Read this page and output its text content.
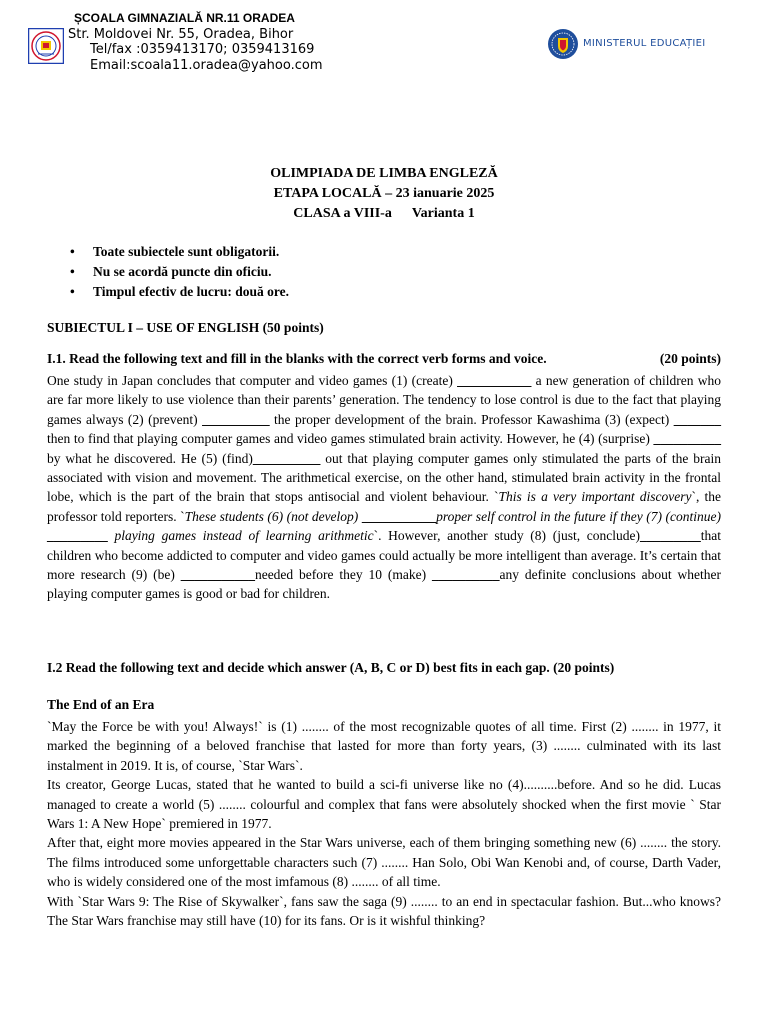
ȘCOALA GIMNAZIALĂ NR.11 ORADEA
Str. Moldovei Nr. 55, Oradea, Bihor
Tel/fax :0359413170; 0359413169
Email:scoala11.oradea@yahoo.com
MINISTERUL EDUCAȚIEI
OLIMPIADA DE LIMBA ENGLEZĂ
ETAPA LOCALĂ – 23 ianuarie 2025
CLASA a VIII-a Varianta 1
• Toate subiectele sunt obligatorii.
• Nu se acordă puncte din oficiu.
• Timpul efectiv de lucru: două ore.
SUBIECTUL I – USE OF ENGLISH (50 points)
I.1. Read the following text and fill in the blanks with the correct verb forms and voice.	(20 points)
One study in Japan concludes that computer and video games (1) (create) ___________ a new generation of children who are far more likely to use violence than their parents’ generation. The tendency to lose control is due to the fact that playing games always (2) (prevent) __________ the proper development of the brain. Professor Kawashima (3) (expect) _______ then to find that playing computer games and video games stimulated brain activity. However, he (4) (surprise) __________ by what he discovered. He (5) (find)__________ out that playing computer games only stimulated the parts of the brain associated with vision and movement. The arithmetical exercise, on the other hand, stimulated brain activity in the frontal lobe, which is the part of the brain that stops antisocial and violent behaviour. `This is a very important discovery`, the professor told reporters. `These students (6) (not develop) ___________proper self control in the future if they (7) (continue) _________ playing games instead of learning arithmetic`. However, another study (8) (just, conclude)_________that children who become addicted to computer and video games could actually be more intelligent than average. It’s certain that more research (9) (be) ___________needed before they 10 (make) __________any definite conclusions about whether playing computer games is good or bad for children.
I.2 Read the following text and decide which answer (A, B, C or D) best fits in each gap. (20 points)
The End of an Era
`May the Force be with you! Always!` is (1) ........ of the most recognizable quotes of all time. First (2) ........ in 1977, it marked the beginning of a beloved franchise that lasted for more than forty years, (3) ........ culminated with its last instalment in 2019. It is, of course, `Star Wars`.
Its creator, George Lucas, stated that he wanted to build a sci-fi universe like no (4)..........before. And so he did. Lucas managed to create a world (5) ........ colourful and complex that fans were absolutely shocked when the first movie ` Star Wars 1: A New Hope` premiered in 1977.
After that, eight more movies appeared in the Star Wars universe, each of them bringing something new (6) ........ the story. The films introduced some unforgettable characters such (7) ........ Han Solo, Obi Wan Kenobi and, of course, Darth Vader, who is widely considered one of the most imfamous (8) ........ of all time.
With `Star Wars 9: The Rise of Skywalker`, fans saw the saga (9) ........ to an end in spectacular fashion. But...who knows? The Star Wars franchise may still have (10) for its fans. Or is it wishful thinking?
